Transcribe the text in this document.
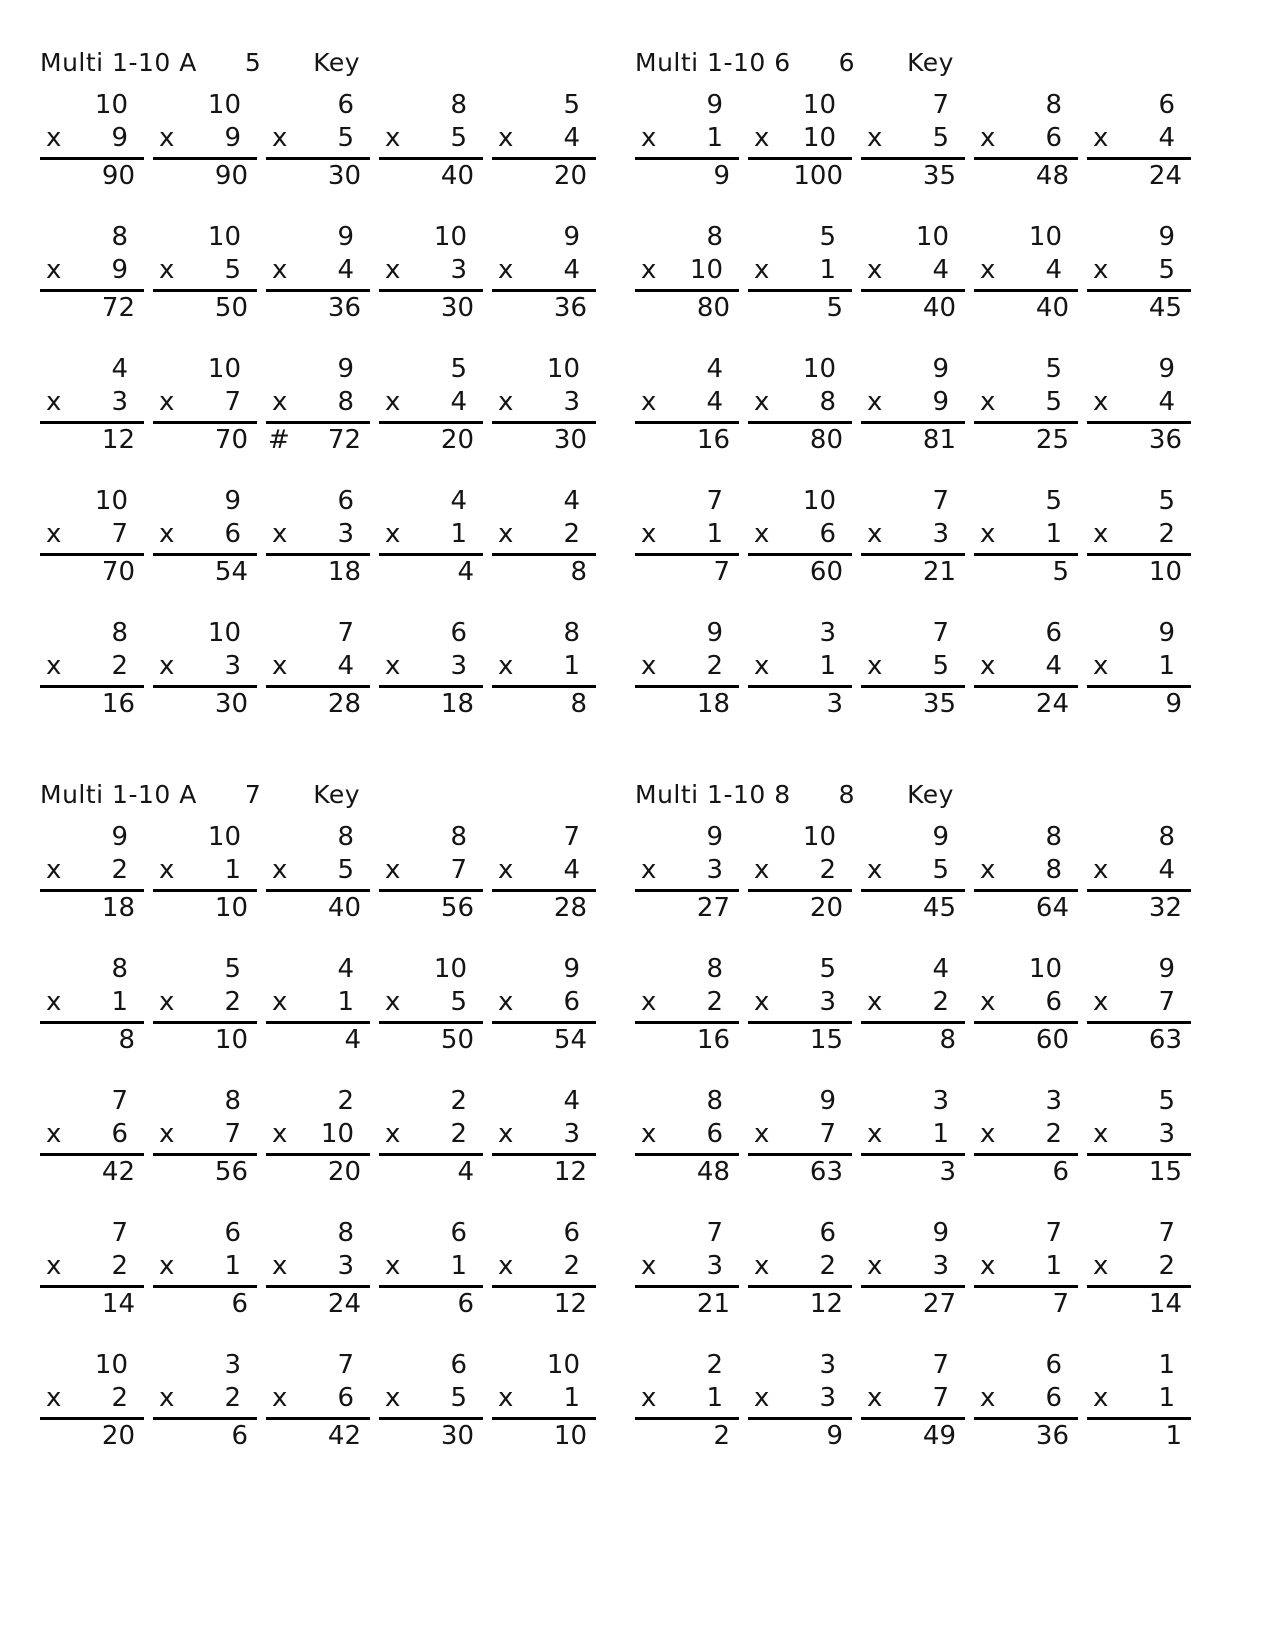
Multi 1-10 A 5 Key
10
x 9
90
10
x 9
90
6
x 5
30
8
x 5
40
5
x 4
20
8
x 9
72
10
x 5
50
9
x 4
36
10
x 3
30
9
x 4
36
4
x 3
12
10
x 7
70
9
x 8
# 72
5
x 4
20
10
x 3
30
10
x 7
70
9
x 6
54
6
x 3
18
4
x 1
4
4
x 2
8
8
x 2
16
10
x 3
30
7
x 4
28
6
x 3
18
8
x 1
8
Multi 1-10 6 6 Key
9
x 1
9
10
x 10
100
7
x 5
35
8
x 6
48
6
x 4
24
8
x 10
80
5
x 1
5
10
x 4
40
10
x 4
40
9
x 5
45
4
x 4
16
10
x 8
80
9
x 9
81
5
x 5
25
9
x 4
36
7
x 1
7
10
x 6
60
7
x 3
21
5
x 1
5
5
x 2
10
9
x 2
18
3
x 1
3
7
x 5
35
6
x 4
24
9
x 1
9
Multi 1-10 A 7 Key
9
x 2
18
10
x 1
10
8
x 5
40
8
x 7
56
7
x 4
28
8
x 1
8
5
x 2
10
4
x 1
4
10
x 5
50
9
x 6
54
7
x 6
42
8
x 7
56
2
x 10
20
2
x 2
4
4
x 3
12
7
x 2
14
6
x 1
6
8
x 3
24
6
x 1
6
6
x 2
12
10
x 2
20
3
x 2
6
7
x 6
42
6
x 5
30
10
x 1
10
Multi 1-10 8 8 Key
9
x 3
27
10
x 2
20
9
x 5
45
8
x 8
64
8
x 4
32
8
x 2
16
5
x 3
15
4
x 2
8
10
x 6
60
9
x 7
63
8
x 6
48
9
x 7
63
3
x 1
3
3
x 2
6
5
x 3
15
7
x 3
21
6
x 2
12
9
x 3
27
7
x 1
7
7
x 2
14
2
x 1
2
3
x 3
9
7
x 7
49
6
x 6
36
1
x 1
1
